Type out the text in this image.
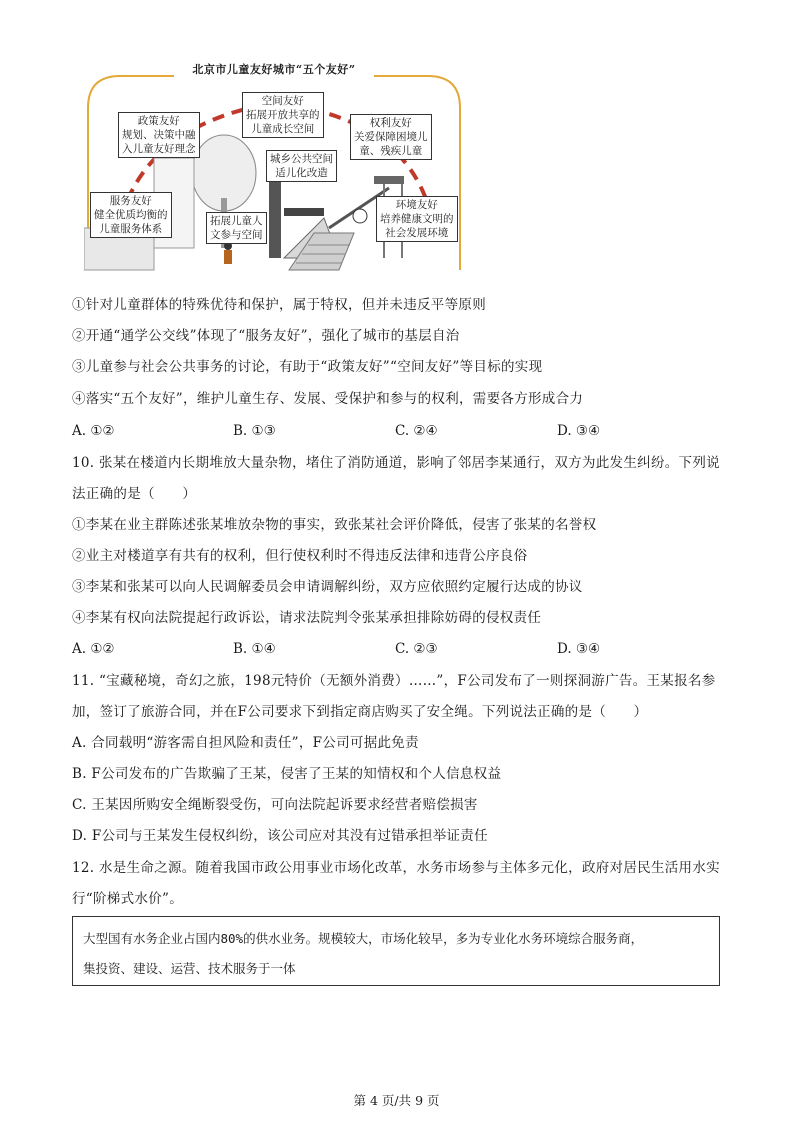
北京市儿童友好城市“五个友好”
政策友好
规划、决策中融
入儿童友好理念
空间友好
拓展开放共享的
儿童成长空间	权利友好
关爱保障困境儿
童、残疾儿童
城乡公共空间
适儿化改造
服务友好
健全优质均衡的
儿童服务体系
拓展儿童人
文参与空间
环境友好
培养健康文明的
社会发展环境
①针对儿童群体的特殊优待和保护，属于特权，但并未违反平等原则
②开通“通学公交线”体现了“服务友好”，强化了城市的基层自治
③儿童参与社会公共事务的讨论，有助于“政策友好”“空间友好”等目标的实现
④落实“五个友好”，维护儿童生存、发展、受保护和参与的权利，需要各方形成合力
A. ①②	B. ①③	C. ②④	D. ③④
10. 张某在楼道内长期堆放大量杂物，堵住了消防通道，影响了邻居李某通行，双方为此发生纠纷。下列说
法正确的是（　　）
①李某在业主群陈述张某堆放杂物的事实，致张某社会评价降低，侵害了张某的名誉权
②业主对楼道享有共有的权利，但行使权利时不得违反法律和违背公序良俗
③李某和张某可以向人民调解委员会申请调解纠纷，双方应依照约定履行达成的协议
④李某有权向法院提起行政诉讼，请求法院判令张某承担排除妨碍的侵权责任
A. ①②	B. ①④	C. ②③	D. ③④
11. “宝藏秘境，奇幻之旅，198元特价（无额外消费）……”，F公司发布了一则探洞游广告。王某报名参
加，签订了旅游合同，并在F公司要求下到指定商店购买了安全绳。下列说法正确的是（　　）
A. 合同载明“游客需自担风险和责任”，F公司可据此免责
B. F公司发布的广告欺骗了王某，侵害了王某的知情权和个人信息权益
C. 王某因所购安全绳断裂受伤，可向法院起诉要求经营者赔偿损害
D. F公司与王某发生侵权纠纷，该公司应对其没有过错承担举证责任
12. 水是生命之源。随着我国市政公用事业市场化改革，水务市场参与主体多元化，政府对居民生活用水实
行“阶梯式水价”。
大型国有水务企业占国内80%的供水业务。规模较大，市场化较早，多为专业化水务环境综合服务商，
集投资、建设、运营、技术服务于一体
第 4 页/共 9 页
